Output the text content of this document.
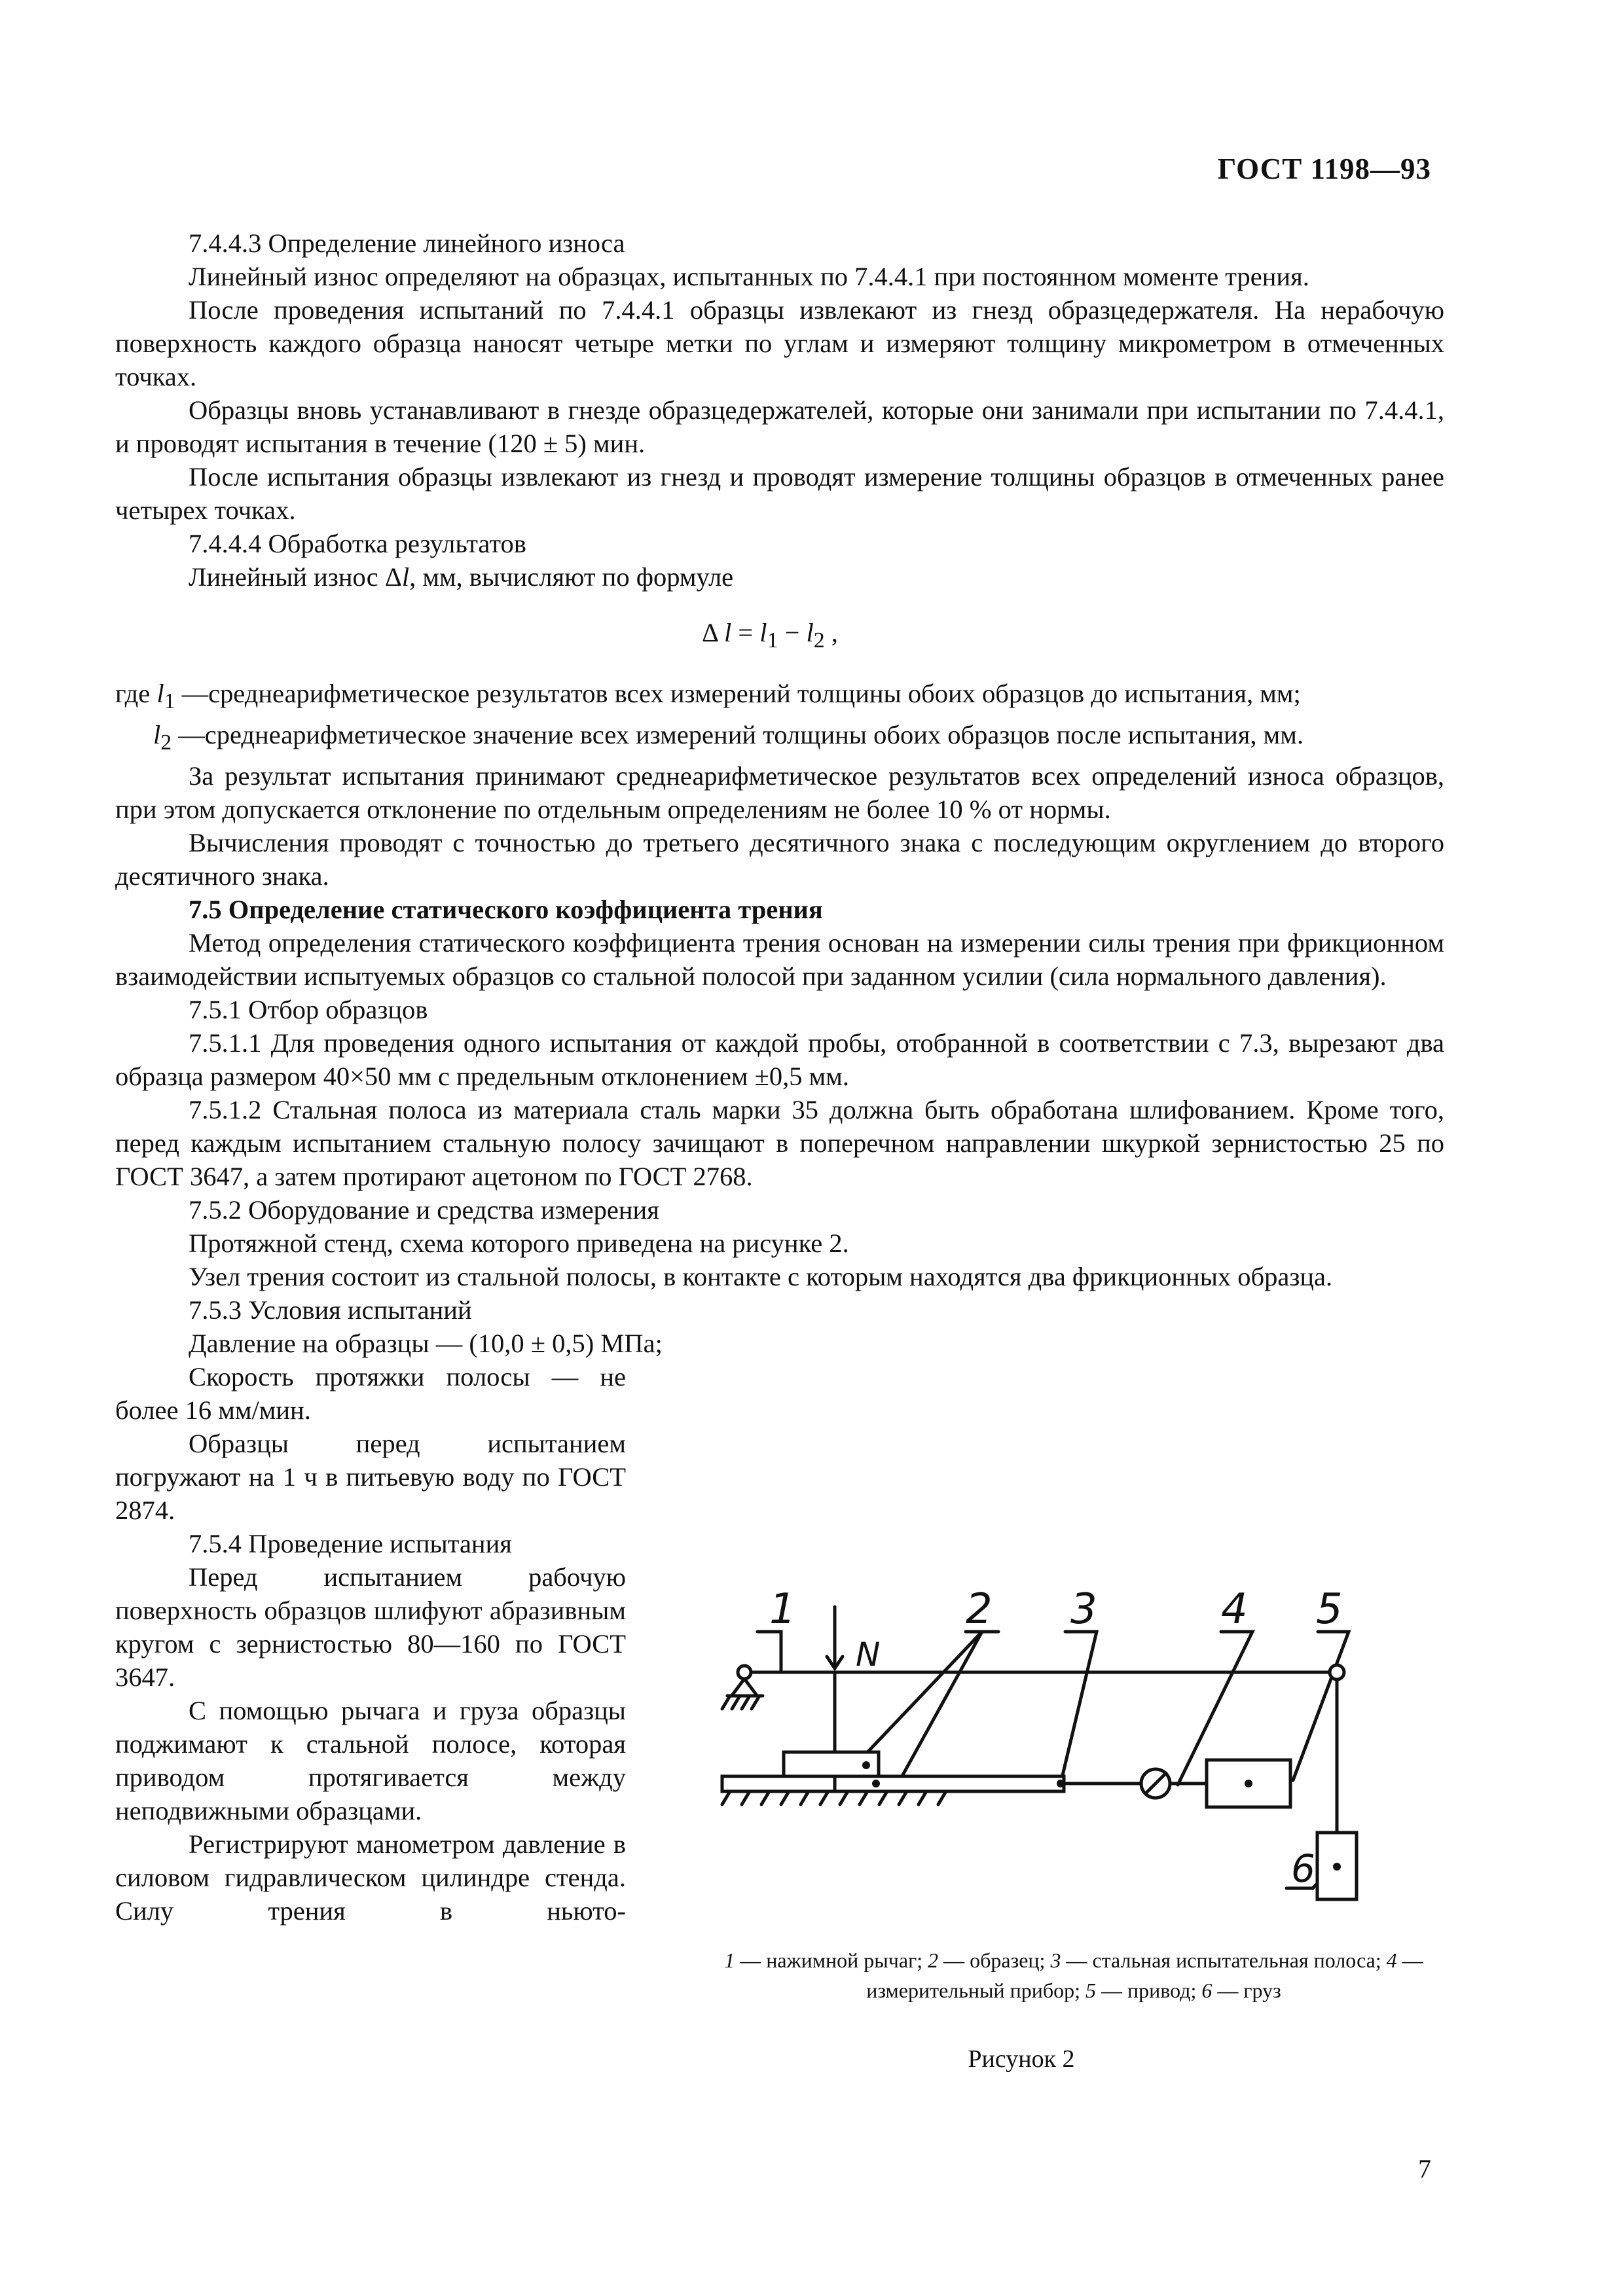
ГОСТ 1198—93

7.4.4.3 Определение линейного износа

Линейный износ определяют на образцах, испытанных по 7.4.4.1 при постоянном моменте трения.

После проведения испытаний по 7.4.4.1 образцы извлекают из гнезд образцедержателя. На нерабочую поверхность каждого образца наносят четыре метки по углам и измеряют толщину микрометром в отмеченных точках.

Образцы вновь устанавливают в гнезде образцедержателей, которые они занимали при испытании по 7.4.4.1, и проводят испытания в течение (120 ± 5) мин.

После испытания образцы извлекают из гнезд и проводят измерение толщины образцов в отмеченных ранее четырех точках.

7.4.4.4 Обработка результатов

Линейный износ Δl, мм, вычисляют по формуле

Δ $l = l_1 - l_2$ ,

где $l_1$ — среднеарифметическое результатов всех измерений толщины обоих образцов до испытания, мм;

$l_2$ — среднеарифметическое значение всех измерений толщины обоих образцов после испытания, мм.

За результат испытания принимают среднеарифметическое результатов всех определений износа образцов, при этом допускается отклонение по отдельным определениям не более 10 % от нормы.

Вычисления проводят с точностью до третьего десятичного знака с последующим округлением до второго десятичного знака.

7.5 Определение статического коэффициента трения

Метод определения статического коэффициента трения основан на измерении силы трения при фрикционном взаимодействии испытуемых образцов со стальной полосой при заданном усилии (сила нормального давления).

7.5.1 Отбор образцов

7.5.1.1 Для проведения одного испытания от каждой пробы, отобранной в соответствии с 7.3, вырезают два образца размером 40×50 мм с предельным отклонением ±0,5 мм.

7.5.1.2 Стальная полоса из материала сталь марки 35 должна быть обработана шлифованием. Кроме того, перед каждым испытанием стальную полосу зачищают в поперечном направлении шкуркой зернистостью 25 по ГОСТ 3647, а затем протирают ацетоном по ГОСТ 2768.

7.5.2 Оборудование и средства измерения

Протяжной стенд, схема которого приведена на рисунке 2.

Узел трения состоит из стальной полосы, в контакте с которым находятся два фрикционных образца.

7.5.3 Условия испытаний

Давление на образцы — (10,0 ± 0,5) МПа;

Скорость протяжки полосы — не более 16 мм/мин.

Образцы перед испытанием погружают на 1 ч в питьевую воду по ГОСТ 2874.

7.5.4 Проведение испытания

Перед испытанием рабочую поверхность образцов шлифуют абразивным кругом с зернистостью 80—160 по ГОСТ 3647.

С помощью рычага и груза образцы поджимают к стальной полосе, которая приводом протягивается между неподвижными образцами.

Регистрируют манометром давление в силовом гидравлическом цилиндре стенда. Силу трения в ньюто-

1	2 3	4 5
6
N
1 — нажимной рычаг; 2 — образец; 3 — стальная испытательная полоса; 4 — измерительный прибор; 5 — привод; 6 — груз
Рисунок 2
7
